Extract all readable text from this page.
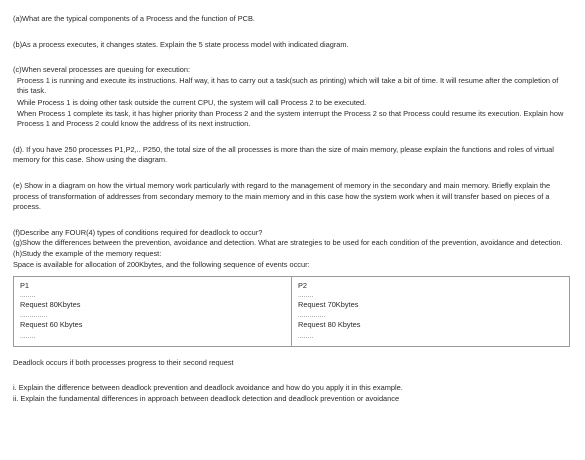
(a)What are the typical components of a Process and the function of PCB.

(b)As a process executes, it changes states. Explain the 5 state process model with indicated diagram.

(c)When several processes are queuing for execution:

Process 1 is running and execute its instructions. Half way, it has to carry out a task(such as printing) which will take a bit of time. It will resume after the completion of this task.

While Process 1 is doing other task outside the current CPU, the system will call Process 2 to be executed.

When Process 1 complete its task, it has higher priority than Process 2 and the system interrupt the Process 2 so that Process could resume its execution. Explain how Process 1 and Process 2 could know the address of its next instruction.

(d). If you have 250 processes P1,P2,.. P250, the total size of the all processes is more than the size of main memory, please explain the functions and roles of virtual memory for this case. Show using the diagram.

(e) Show in a diagram on how the virtual memory work particularly with regard to the management of memory in the secondary and main memory. Briefly explain the process of transformation of addresses from secondary memory to the main memory and in this case how the system work when it will transfer based on pieces of a process.

(f)Describe any FOUR(4) types of conditions required for deadlock to occur?

(g)Show the differences between the prevention, avoidance and detection. What are strategies to be used for each condition of the prevention, avoidance and detection.

(h)Study the example of the memory request:

Space is available for allocation of 200Kbytes, and the following sequence of events occur:

P1
........
Request 80Kbytes
..............
Request 60 Kbytes
........

P2
........
Request 70Kbytes
..............
Request 80 Kbytes
........

Deadlock occurs if both processes progress to their second request

i. Explain the difference between deadlock prevention and deadlock avoidance and how do you apply it in this example.

ii. Explain the fundamental differences in approach between deadlock detection and deadlock prevention or avoidance
